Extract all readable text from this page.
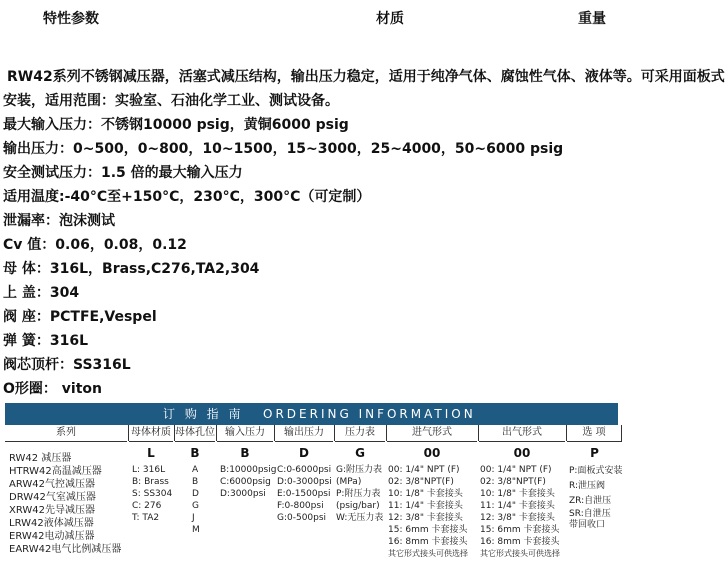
特性参数	材质	重量
RW42系列不锈钢减压器，活塞式减压结构，输出压力稳定，适用于纯净气体、腐蚀性气体、液体等。可采用面板式
安装，适用范围：实验室、石油化学工业、测试设备。
最大输入压力：不锈钢10000 psig，黄铜6000 psig
输出压力：0~500，0~800，10~1500，15~3000，25~4000，50~6000 psig
安全测试压力：1.5 倍的最大输入压力
适用温度:-40°C至+150°C，230°C，300°C（可定制）
泄漏率：泡沫测试
Cv 值：0.06，0.08，0.12
母 体：316L，Brass,C276,TA2,304
上 盖：304
阀 座：PCTFE,Vespel
弹 簧：316L
阀芯顶杆：SS316L
O形圈： viton
订 购 指 南 ORDERING INFORMATION
系列
RW42 减压器
HTRW42高温减压器
ARW42气控减压器
DRW42气室减压器
XRW42先导减压器
LRW42液体减压器
ERW42电动减压器
EARW42电气比例减压器
母体材质
L
L: 316L
B: Brass
S: SS304
C: 276
T: TA2
母体孔位
B
A
B
D
G
J
M
输入压力
B
B:10000psig
C:6000psig
D:3000psi
输出压力
D
C:0-6000psi
D:0-3000psi
E:0-1500psi
F:0-800psi
G:0-500psi
压力表
G
G:附压力表
(MPa)
P:附压力表
(psig/bar)
W:无压力表
进气形式
00
00: 1/4" NPT (F)
02: 3/8"NPT(F)
10: 1/8" 卡套接头
11: 1/4" 卡套接头
12: 3/8" 卡套接头
15: 6mm 卡套接头
16: 8mm 卡套接头
其它形式接头可供选择
出气形式
00
00: 1/4" NPT (F)
02: 3/8"NPT(F)
10: 1/8" 卡套接头
11: 1/4" 卡套接头
12: 3/8" 卡套接头
15: 6mm 卡套接头
16: 8mm 卡套接头
其它形式接头可供选择
选 项
P
P:面板式安装
R:泄压阀
ZR:自泄压
SR:自泄压
带回收口
